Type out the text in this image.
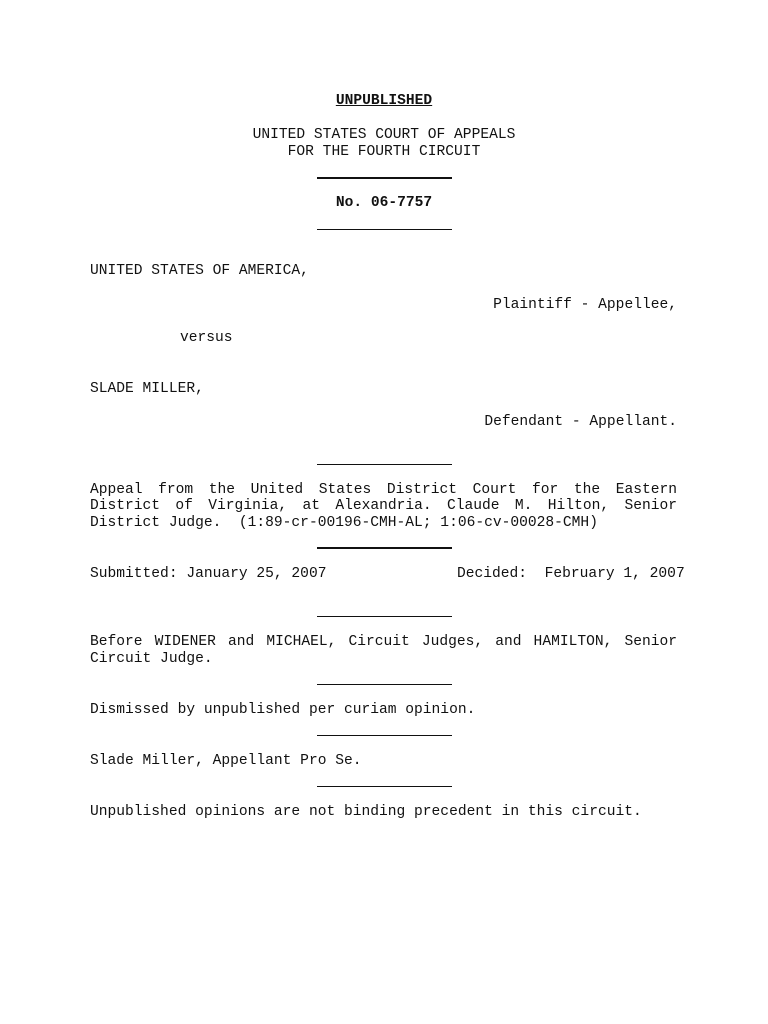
UNPUBLISHED
UNITED STATES COURT OF APPEALS
FOR THE FOURTH CIRCUIT
No. 06-7757
UNITED STATES OF AMERICA,
Plaintiff - Appellee,
versus
SLADE MILLER,
Defendant - Appellant.
Appeal from the United States District Court for the Eastern
District of Virginia, at Alexandria. Claude M. Hilton, Senior
District Judge.  (1:89-cr-00196-CMH-AL; 1:06-cv-00028-CMH)
Submitted: January 25, 2007	Decided:  February 1, 2007
Before WIDENER and MICHAEL, Circuit Judges, and HAMILTON, Senior
Circuit Judge.
Dismissed by unpublished per curiam opinion.
Slade Miller, Appellant Pro Se.
Unpublished opinions are not binding precedent in this circuit.
